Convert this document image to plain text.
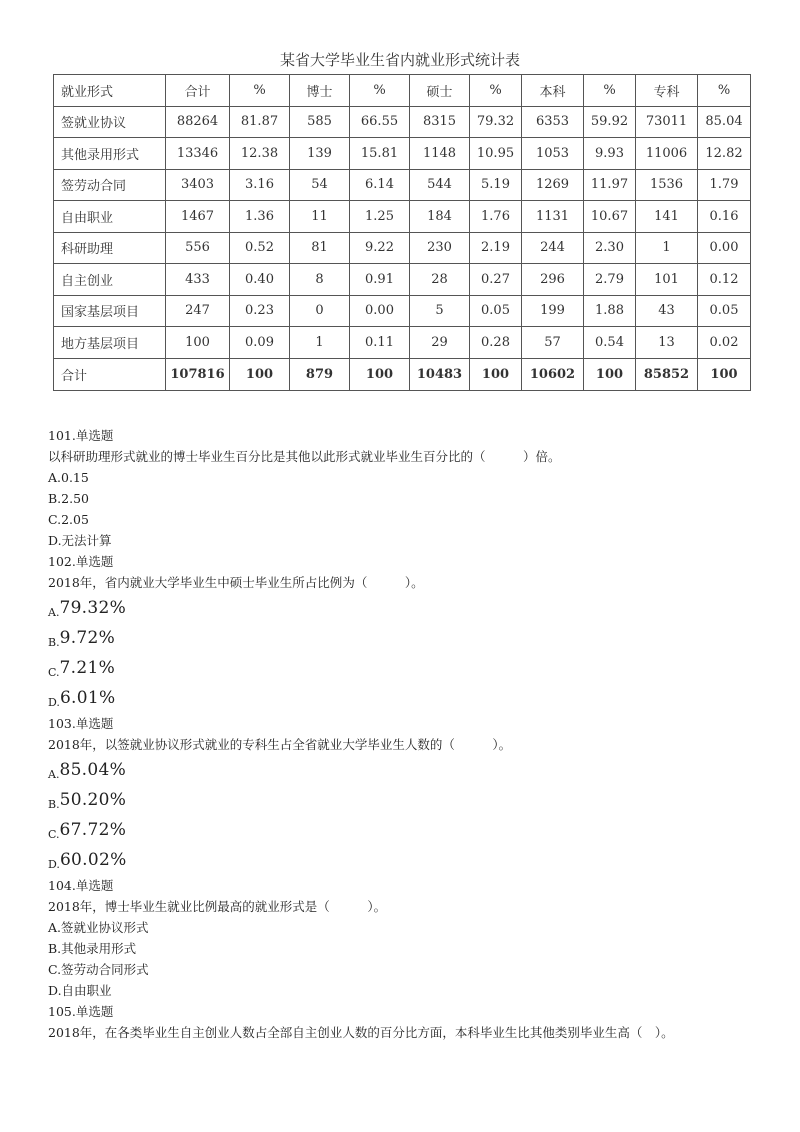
某省大学毕业生省内就业形式统计表
就业形式	合计	%	博士	%	硕士	%	本科	%	专科	%
签就业协议	88264	81.87	585	66.55	8315	79.32	6353	59.92	73011	85.04
其他录用形式	13346	12.38	139	15.81	1148	10.95	1053	9.93	11006	12.82
签劳动合同	3403	3.16	54	6.14	544	5.19	1269	11.97	1536	1.79
自由职业	1467	1.36	11	1.25	184	1.76	1131	10.67	141	0.16
科研助理	556	0.52	81	9.22	230	2.19	244	2.30	1	0.00
自主创业	433	0.40	8	0.91	28	0.27	296	2.79	101	0.12
国家基层项目	247	0.23	0	0.00	5	0.05	199	1.88	43	0.05
地方基层项目	100	0.09	1	0.11	29	0.28	57	0.54	13	0.02
合计	107816	100	879	100	10483	100	10602	100	85852	100
101.单选题
以科研助理形式就业的博士毕业生百分比是其他以此形式就业毕业生百分比的（　　　）倍。
A.0.15
B.2.50
C.2.05
D.无法计算
102.单选题
2018年，省内就业大学毕业生中硕士毕业生所占比例为（　　　）。
A.79.32%
B.9.72%
C.7.21%
D.6.01%
103.单选题
2018年，以签就业协议形式就业的专科生占全省就业大学毕业生人数的（　　　）。
A.85.04%
B.50.20%
C.67.72%
D.60.02%
104.单选题
2018年，博士毕业生就业比例最高的就业形式是（　　　）。
A.签就业协议形式
B.其他录用形式
C.签劳动合同形式
D.自由职业
105.单选题
2018年，在各类毕业生自主创业人数占全部自主创业人数的百分比方面，本科毕业生比其他类别毕业生高（　）。
